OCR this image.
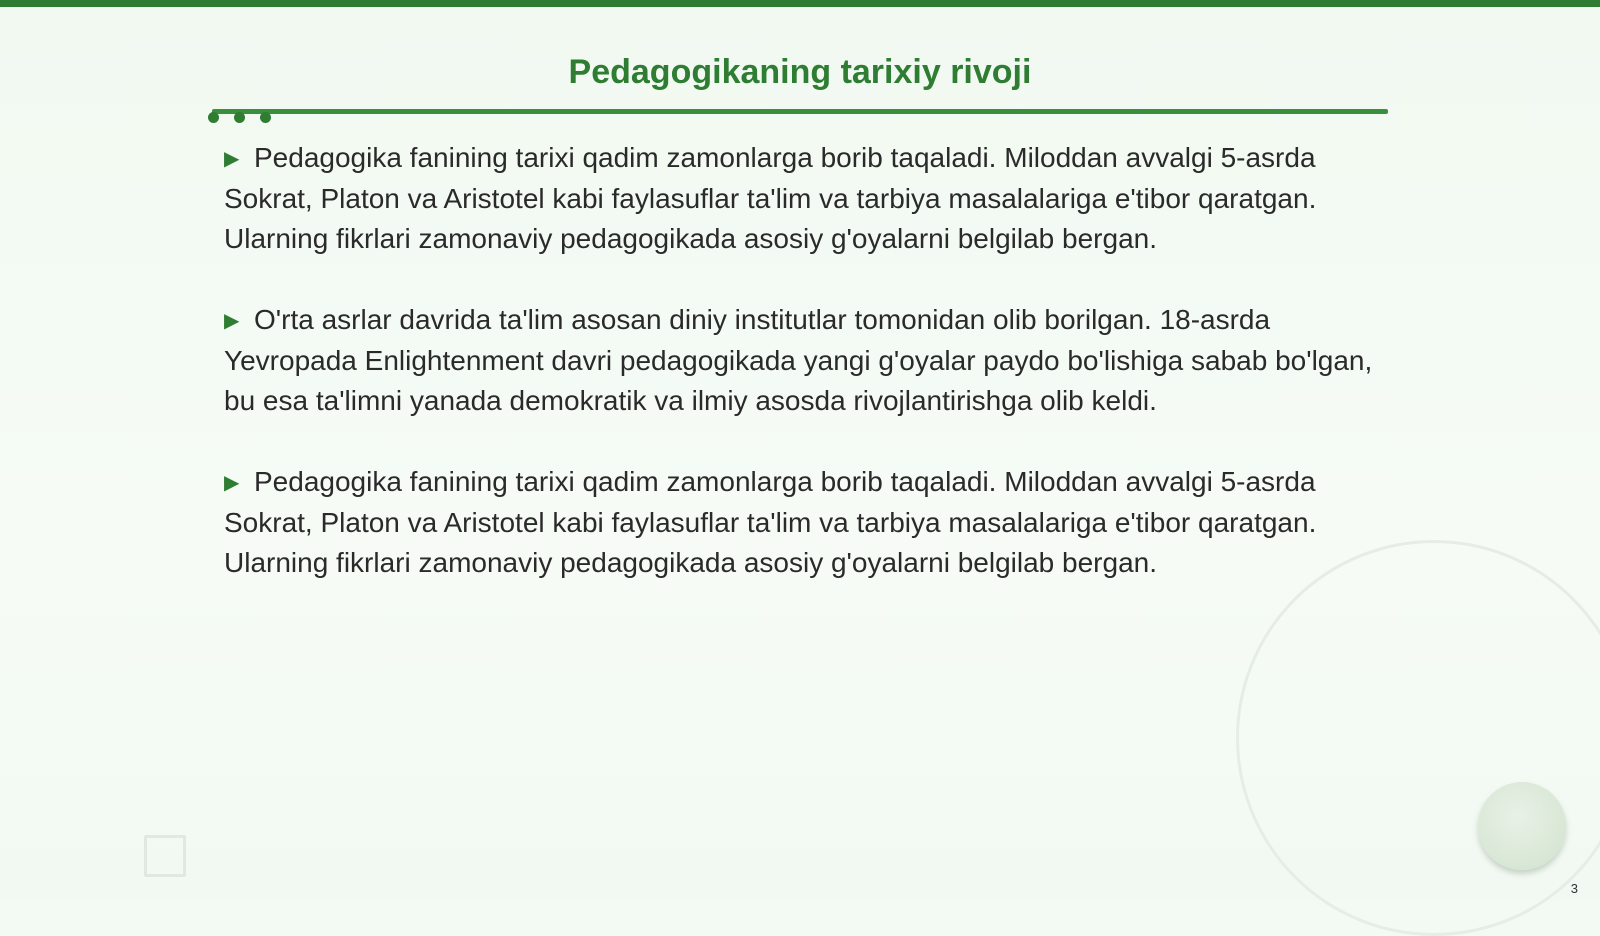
Pedagogikaning tarixiy rivoji

▶ Pedagogika fanining tarixi qadim zamonlarga borib taqaladi. Miloddan avvalgi 5-asrda Sokrat, Platon va Aristotel kabi faylasuflar ta'lim va tarbiya masalalariga e'tibor qaratgan. Ularning fikrlari zamonaviy pedagogikada asosiy g'oyalarni belgilab bergan.

▶ O'rta asrlar davrida ta'lim asosan diniy institutlar tomonidan olib borilgan. 18-asrda Yevropada Enlightenment davri pedagogikada yangi g'oyalar paydo bo'lishiga sabab bo'lgan, bu esa ta'limni yanada demokratik va ilmiy asosda rivojlantirishga olib keldi.

▶ Pedagogika fanining tarixi qadim zamonlarga borib taqaladi. Miloddan avvalgi 5-asrda Sokrat, Platon va Aristotel kabi faylasuflar ta'lim va tarbiya masalalariga e'tibor qaratgan. Ularning fikrlari zamonaviy pedagogikada asosiy g'oyalarni belgilab bergan.

3
